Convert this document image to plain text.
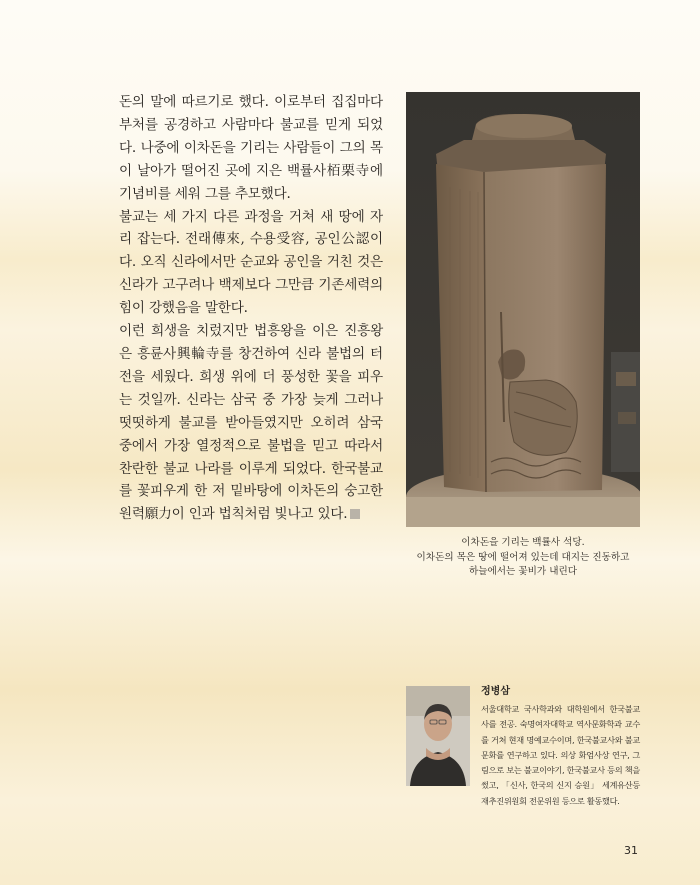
돈의 말에 따르기로 했다. 이로부터 집집마다 부처를 공경하고 사람마다 불교를 믿게 되었다. 나중에 이차돈을 기리는 사람들이 그의 목이 날아가 떨어진 곳에 지은 백률사栢栗寺에 기념비를 세워 그를 추모했다.

불교는 세 가지 다른 과정을 거쳐 새 땅에 자리 잡는다. 전래傳來, 수용受容, 공인公認이다. 오직 신라에서만 순교와 공인을 거친 것은 신라가 고구려나 백제보다 그만큼 기존세력의 힘이 강했음을 말한다.

이런 희생을 치렀지만 법흥왕을 이은 진흥왕은 흥륜사興輪寺를 창건하여 신라 불법의 터전을 세웠다. 희생 위에 더 풍성한 꽃을 피우는 것일까. 신라는 삼국 중 가장 늦게 그러나 떳떳하게 불교를 받아들였지만 오히려 삼국 중에서 가장 열정적으로 불법을 믿고 따라서 찬란한 불교 나라를 이루게 되었다. 한국불교를 꽃피우게 한 저 밑바탕에 이차돈의 숭고한 원력願力이 인과 법칙처럼 빛나고 있다.

이차돈을 기리는 백률사 석당.
이차돈의 목은 땅에 떨어져 있는데 대지는 진동하고
하늘에서는 꽃비가 내린다
정병삼
서울대학교 국사학과와 대학원에서 한국불교사를 전공. 숙명여자대학교 역사문화학과 교수를 거쳐 현재 명예교수이며, 한국불교사와 불교문화를 연구하고 있다. 의상 화엄사상 연구, 그림으로 보는 불교이야기, 한국불교사 등의 책을 썼고, 「신사, 한국의 신지 승원」 세계유산등재추진위원회 전문위원 등으로 활동했다.
31
